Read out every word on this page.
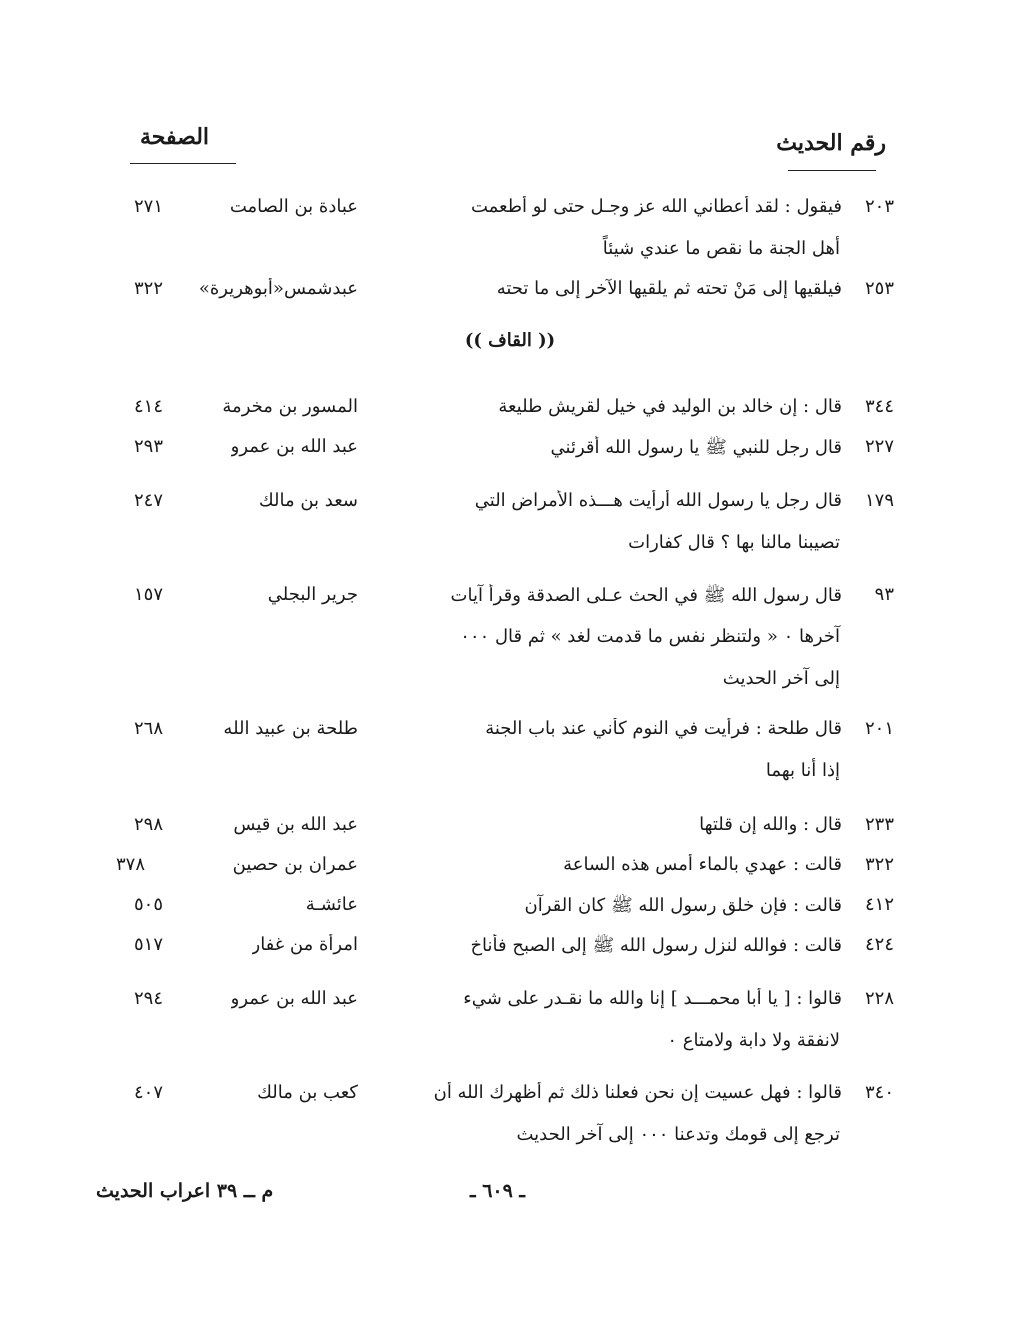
رقم الحديث
الصفحة
(( القاف ))
٢٠٣
فيقول : لقد أعطاني الله عز وجـل حتى لو أطعمت
عبادة بن الصامت
٢٧١
أهل الجنة ما نقص ما عندي شيئاً
٢٥٣
فيلقيها إلى مَنْ تحته ثم يلقيها الآخر إلى ما تحته
عبدشمس«أبوهريرة»
٣٢٢
٣٤٤
قال : إن خالد بن الوليد في خيل لقريش طليعة
المسور بن مخرمة
٤١٤
٢٢٧
قال رجل للنبي ﷺ يا رسول الله أقرئني
عبد الله بن عمرو
٢٩٣
١٧٩
قال رجل يا رسول الله أرأيت هـــذه الأمراض التي
سعد بن مالك
٢٤٧
تصيبنا مالنا بها ؟ قال كفارات
٩٣
قال رسول الله ﷺ في الحث عـلى الصدقة وقرأ آيات
جرير البجلي
١٥٧
آخرها ٠ « ولتنظر نفس ما قدمت لغد » ثم قال ٠٠٠
إلى آخر الحديث
٢٠١
قال طلحة : فرأيت في النوم كأني عند باب الجنة
طلحة بن عبيد الله
٢٦٨
إذا أنا بهما
٢٣٣
قال : والله إن قلتها
عبد الله بن قيس
٢٩٨
٣٢٢
قالت : عهدي بالماء أمس هذه الساعة
عمران بن حصين
٣٧٨
٤١٢
قالت : فإن خلق رسول الله ﷺ كان القرآن
عائشـة
٥٠٥
٤٢٤
قالت : فوالله لنزل رسول الله ﷺ إلى الصبح فأناخ
امرأة من غفار
٥١٧
٢٢٨
قالوا : [ يا أبا محمـــد ] إنا والله ما نقـدر على شيء
عبد الله بن عمرو
٢٩٤
لانفقة ولا دابة ولامتاع ٠
٣٤٠
قالوا : فهل عسيت إن نحن فعلنا ذلك ثم أظهرك الله أن
كعب بن مالك
٤٠٧
ترجع إلى قومك وتدعنا ٠٠٠ إلى آخر الحديث
ـ ٦٠٩ ـ
م ــ ٣٩ اعراب الحديث
